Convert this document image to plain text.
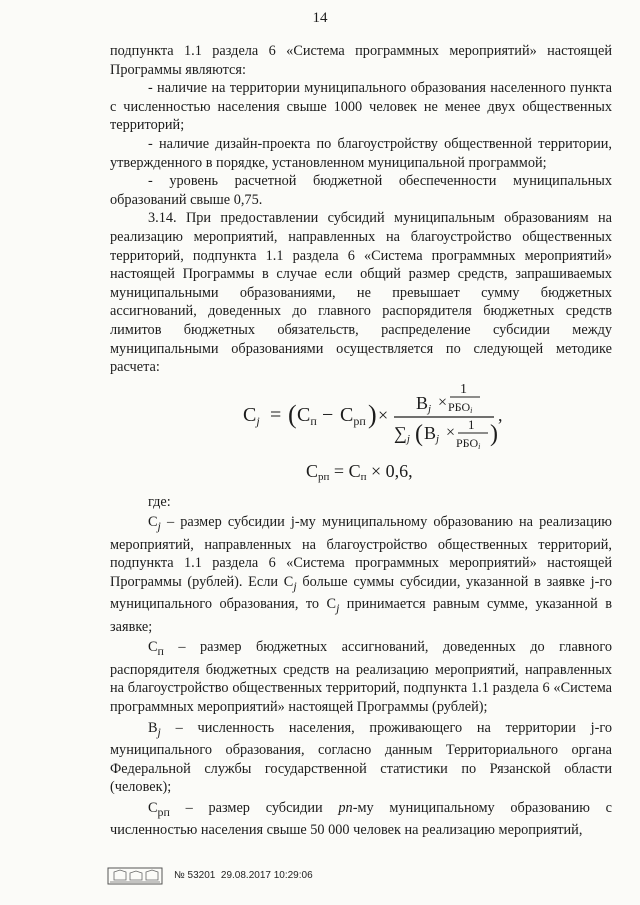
14

подпункта 1.1 раздела 6 «Система программных мероприятий» настоящей Программы являются:

- наличие на территории муниципального образования населенного пункта с численностью населения свыше 1000 человек не менее двух общественных территорий;

- наличие дизайн-проекта по благоустройству общественной территории, утвержденного в порядке, установленном муниципальной программой;

- уровень расчетной бюджетной обеспеченности муниципальных образований свыше 0,75.

3.14. При предоставлении субсидий муниципальным образованиям на реализацию мероприятий, направленных на благоустройство общественных территорий, подпункта 1.1 раздела 6 «Система программных мероприятий» настоящей Программы в случае если общий размер средств, запрашиваемых муниципальными образованиями, не превышает сумму бюджетных ассигнований, доведенных до главного распорядителя бюджетных средств лимитов бюджетных обязательств, распределение субсидии между муниципальными образованиями осуществляется по следующей методике расчета:

$C_j$ = ( $C_п - C_{рп}$ ) ×
Bj ×
1
РБОi
∑j ( Bj × 1
РБОi )
,
Cрп = Cп × 0,6,

где:

$C_j$ – размер субсидии j-му муниципальному образованию на реализацию мероприятий, направленных на благоустройство общественных территорий, подпункта 1.1 раздела 6 «Система программных мероприятий» настоящей Программы (рублей). Если $C_j$ больше суммы субсидии, указанной в заявке j-го муниципального образования, то $C_j$ принимается равным сумме, указанной в заявке;

$C_п$ – размер бюджетных ассигнований, доведенных до главного распорядителя бюджетных средств на реализацию мероприятий, направленных на благоустройство общественных территорий, подпункта 1.1 раздела 6 «Система программных мероприятий» настоящей Программы (рублей);

$B_j$ – численность населения, проживающего на территории j-го муниципального образования, согласно данным Территориального органа Федеральной службы государственной статистики по Рязанской области (человек);

$C_{рп}$ – размер субсидии рп-му муниципальному образованию с численностью населения свыше 50 000 человек на реализацию мероприятий,

№ 53201 29.08.2017 10:29:06
